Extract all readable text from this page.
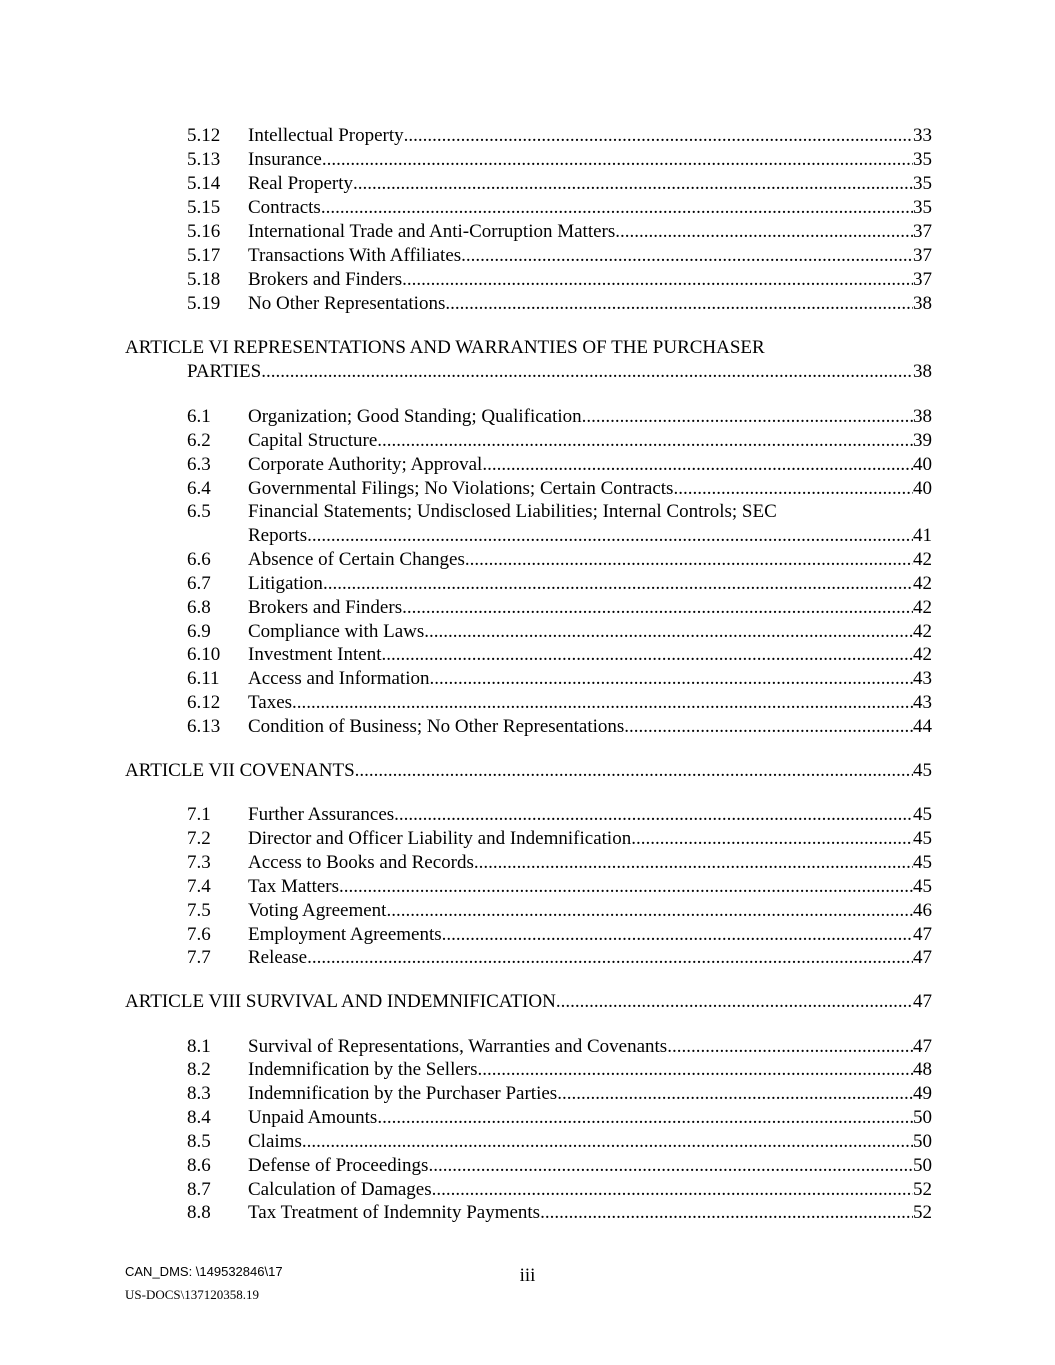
5.12 Intellectual Property .....	33
5.13 Insurance .....	35
5.14 Real Property .....	35
5.15 Contracts .....	35
5.16 International Trade and Anti-Corruption Matters .....	37
5.17 Transactions With Affiliates .....	37
5.18 Brokers and Finders .....	37
5.19 No Other Representations .....	38
ARTICLE VI REPRESENTATIONS AND WARRANTIES OF THE PURCHASER
PARTIES .....	38
6.1 Organization; Good Standing; Qualification .....	38
6.2 Capital Structure .....	39
6.3 Corporate Authority; Approval .....	40
6.4 Governmental Filings; No Violations; Certain Contracts .....	40
6.5 Financial Statements; Undisclosed Liabilities; Internal Controls; SEC
Reports .....	41
6.6 Absence of Certain Changes .....	42
6.7 Litigation .....	42
6.8 Brokers and Finders .....	42
6.9 Compliance with Laws .....	42
6.10 Investment Intent .....	42
6.11 Access and Information .....	43
6.12 Taxes .....	43
6.13 Condition of Business; No Other Representations .....	44
ARTICLE VII COVENANTS .....	45
7.1 Further Assurances .....	45
7.2 Director and Officer Liability and Indemnification .....	45
7.3 Access to Books and Records .....	45
7.4 Tax Matters .....	45
7.5 Voting Agreement .....	46
7.6 Employment Agreements .....	47
7.7 Release .....	47
ARTICLE VIII SURVIVAL AND INDEMNIFICATION .....	47
8.1 Survival of Representations, Warranties and Covenants .....	47
8.2 Indemnification by the Sellers .....	48
8.3 Indemnification by the Purchaser Parties .....	49
8.4 Unpaid Amounts .....	50
8.5 Claims .....	50
8.6 Defense of Proceedings .....	50
8.7 Calculation of Damages .....	52
8.8 Tax Treatment of Indemnity Payments .....	52
CAN_DMS: \149532846\17	iii
US-DOCS\137120358.19
